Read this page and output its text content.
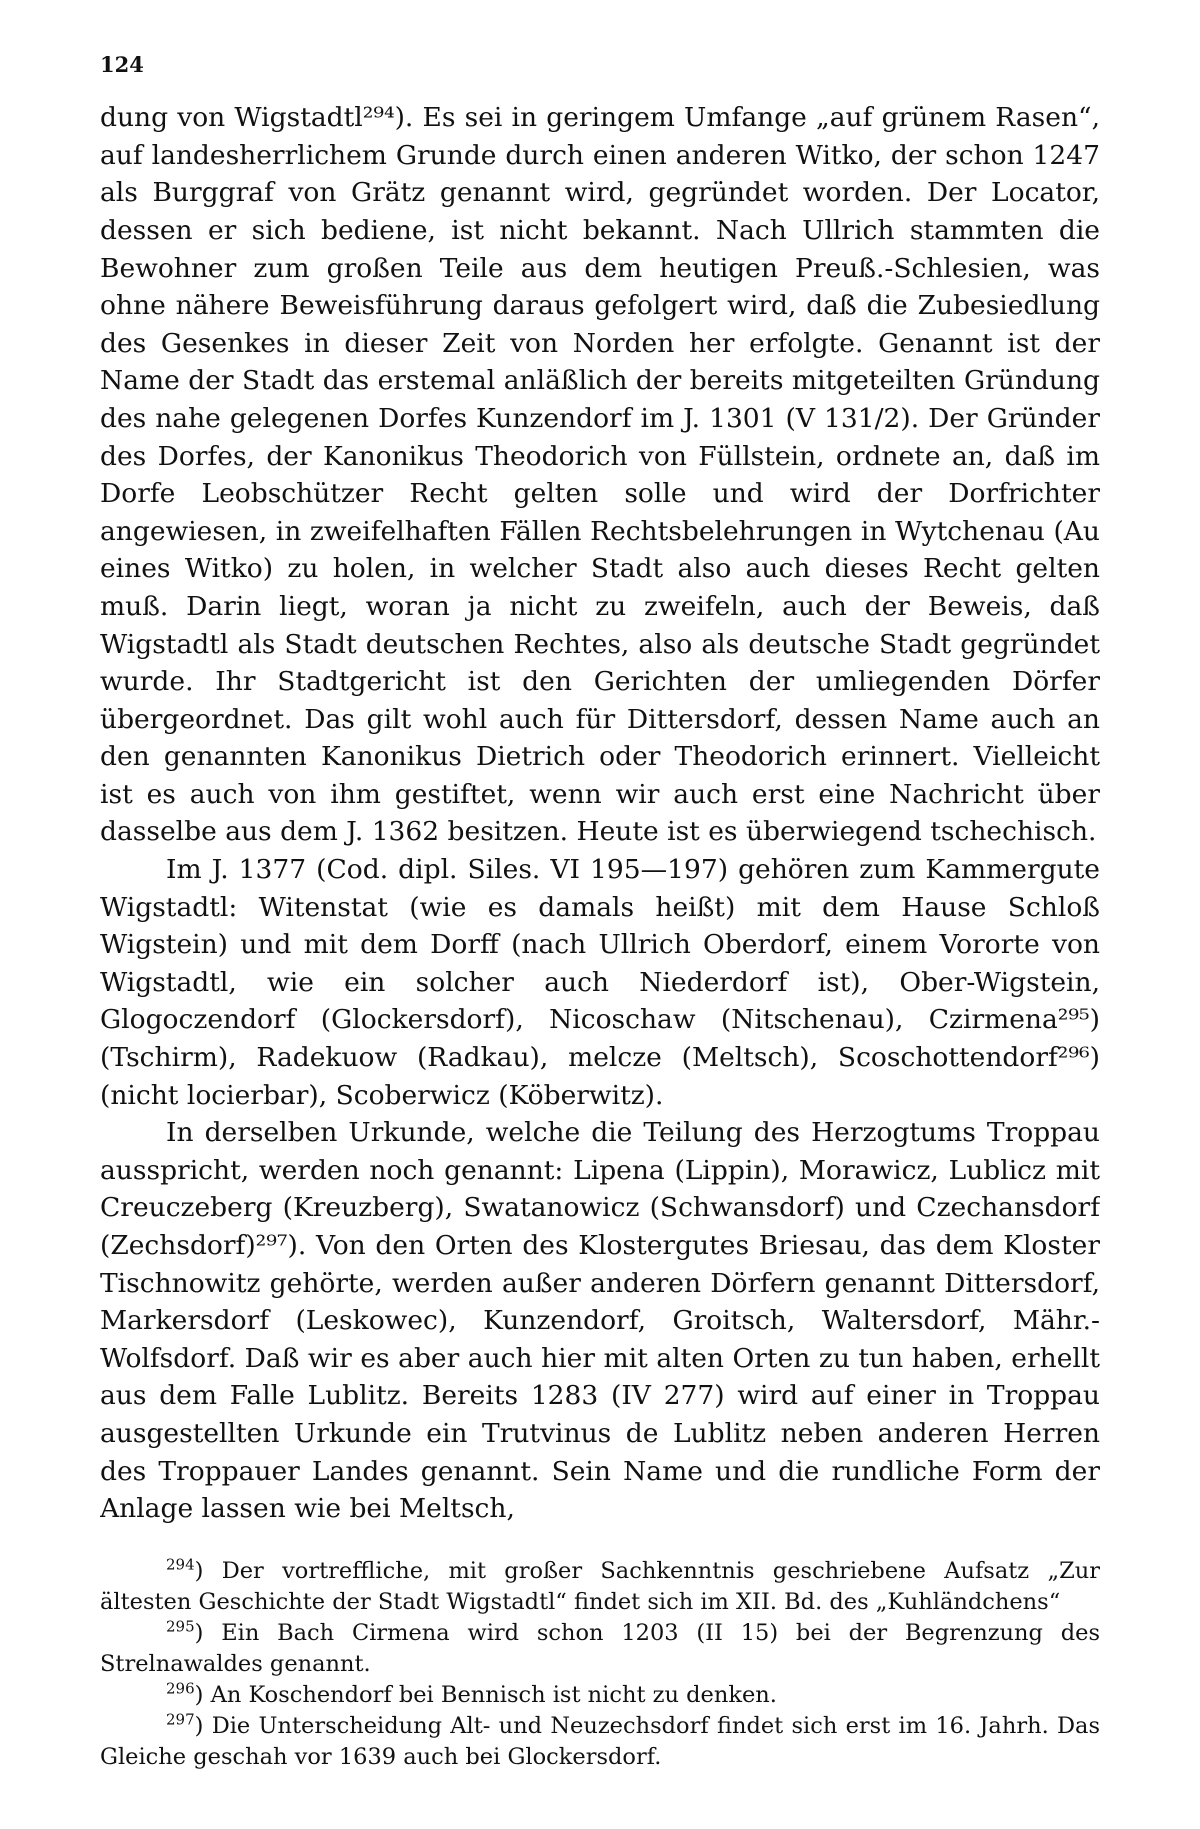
124

dung von Wigstadtl²⁹⁴). Es sei in geringem Umfange „auf grünem Rasen“, auf landesherrlichem Grunde durch einen anderen Witko, der schon 1247 als Burggraf von Grätz genannt wird, gegründet worden. Der Locator, dessen er sich bediene, ist nicht bekannt. Nach Ullrich stammten die Bewohner zum großen Teile aus dem heutigen Preuß.-Schlesien, was ohne nähere Beweisführung daraus gefolgert wird, daß die Zubesiedlung des Gesenkes in dieser Zeit von Norden her erfolgte. Genannt ist der Name der Stadt das erstemal anläßlich der bereits mitgeteilten Gründung des nahe gelegenen Dorfes Kunzendorf im J. 1301 (V 131/2). Der Gründer des Dorfes, der Kanonikus Theodorich von Füllstein, ordnete an, daß im Dorfe Leobschützer Recht gelten solle und wird der Dorfrichter angewiesen, in zweifelhaften Fällen Rechtsbelehrungen in Wytchenau (Au eines Witko) zu holen, in welcher Stadt also auch dieses Recht gelten muß. Darin liegt, woran ja nicht zu zweifeln, auch der Beweis, daß Wigstadtl als Stadt deutschen Rechtes, also als deutsche Stadt gegründet wurde. Ihr Stadtgericht ist den Gerichten der umliegenden Dörfer übergeordnet. Das gilt wohl auch für Dittersdorf, dessen Name auch an den genannten Kanonikus Dietrich oder Theodorich erinnert. Vielleicht ist es auch von ihm gestiftet, wenn wir auch erst eine Nachricht über dasselbe aus dem J. 1362 besitzen. Heute ist es überwiegend tschechisch.

Im J. 1377 (Cod. dipl. Siles. VI 195—197) gehören zum Kammergute Wigstadtl: Witenstat (wie es damals heißt) mit dem Hause Schloß Wigstein) und mit dem Dorff (nach Ullrich Oberdorf, einem Vororte von Wigstadtl, wie ein solcher auch Niederdorf ist), Ober-Wigstein, Glogoczendorf (Glockersdorf), Nicoschaw (Nitschenau), Czirmena²⁹⁵) (Tschirm), Radekuow (Radkau), melcze (Meltsch), Scoschottendorf²⁹⁶) (nicht locierbar), Scoberwicz (Köberwitz).

In derselben Urkunde, welche die Teilung des Herzogtums Troppau ausspricht, werden noch genannt: Lipena (Lippin), Morawicz, Lublicz mit Creuczeberg (Kreuzberg), Swatanowicz (Schwansdorf) und Czechansdorf (Zechsdorf)²⁹⁷). Von den Orten des Klostergutes Briesau, das dem Kloster Tischnowitz gehörte, werden außer anderen Dörfern genannt Dittersdorf, Markersdorf (Leskowec), Kunzendorf, Groitsch, Waltersdorf, Mähr.-Wolfsdorf. Daß wir es aber auch hier mit alten Orten zu tun haben, erhellt aus dem Falle Lublitz. Bereits 1283 (IV 277) wird auf einer in Troppau ausgestellten Urkunde ein Trutvinus de Lublitz neben anderen Herren des Troppauer Landes genannt. Sein Name und die rundliche Form der Anlage lassen wie bei Meltsch,

$^{294}$) Der vortreffliche, mit großer Sachkenntnis geschriebene Aufsatz „Zur ältesten Geschichte der Stadt Wigstadtl“ findet sich im XII. Bd. des „Kuhländchens“

$^{295}$) Ein Bach Cirmena wird schon 1203 (II 15) bei der Begrenzung des Strelnawaldes genannt.

$^{296}$) An Koschendorf bei Bennisch ist nicht zu denken.

$^{297}$) Die Unterscheidung Alt- und Neuzechsdorf findet sich erst im 16. Jahrh. Das Gleiche geschah vor 1639 auch bei Glockersdorf.
